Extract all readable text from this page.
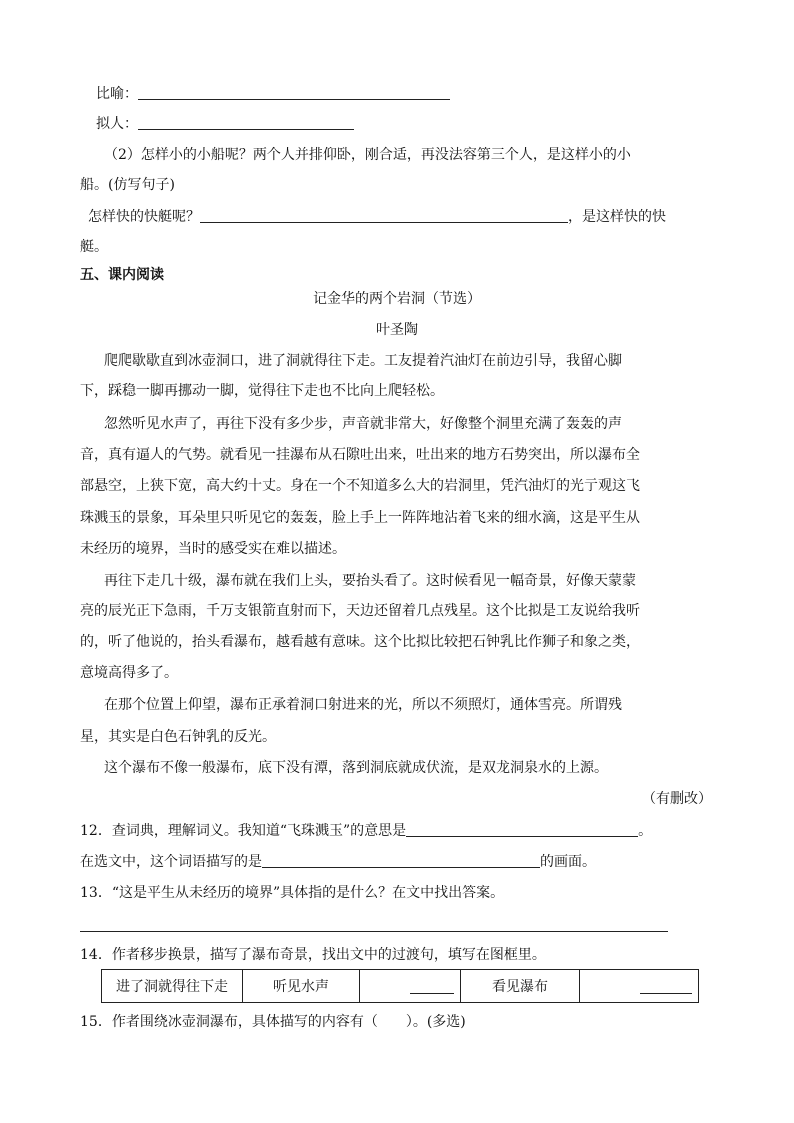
比喻：
拟人：
（2）怎样小的小船呢？两个人并排仰卧，刚合适，再没法容第三个人，是这样小的小
船。(仿写句子)
怎样快的快艇呢？	，是这样快的快
艇。
五、课内阅读
记金华的两个岩洞（节选）
叶圣陶
爬爬歇歇直到冰壶洞口，进了洞就得往下走。工友提着汽油灯在前边引导，我留心脚
下，踩稳一脚再挪动一脚，觉得往下走也不比向上爬轻松。
忽然听见水声了，再往下没有多少步，声音就非常大，好像整个洞里充满了轰轰的声
音，真有逼人的气势。就看见一挂瀑布从石隙吐出来，吐出来的地方石势突出，所以瀑布全
部悬空，上狭下宽，高大约十丈。身在一个不知道多么大的岩洞里，凭汽油灯的光亍观这飞
珠溅玉的景象，耳朵里只听见它的轰轰，脸上手上一阵阵地沾着飞来的细水滴，这是平生从
未经历的境界，当时的感受实在难以描述。
再往下走几十级，瀑布就在我们上头，要抬头看了。这时候看见一幅奇景，好像天蒙蒙
亮的辰光正下急雨，千万支银箭直射而下，天边还留着几点残星。这个比拟是工友说给我听
的，听了他说的，抬头看瀑布，越看越有意味。这个比拟比较把石钟乳比作狮子和象之类，
意境高得多了。
在那个位置上仰望，瀑布正承着洞口射进来的光，所以不须照灯，通体雪亮。所谓残
星，其实是白色石钟乳的反光。
这个瀑布不像一般瀑布，底下没有潭，落到洞底就成伏流，是双龙洞泉水的上源。
（有删改）
12．查词典，理解词义。我知道“飞珠溅玉”的意思是	。
在选文中，这个词语描写的是	的画面。
13．“这是平生从未经历的境界”具体指的是什么？在文中找出答案。
14．作者移步换景，描写了瀑布奇景，找出文中的过渡句，填写在图框里。
进了洞就得往下走	听见水声		看见瀑布	
15．作者围绕冰壶洞瀑布，具体描写的内容有（　　）。(多选)
